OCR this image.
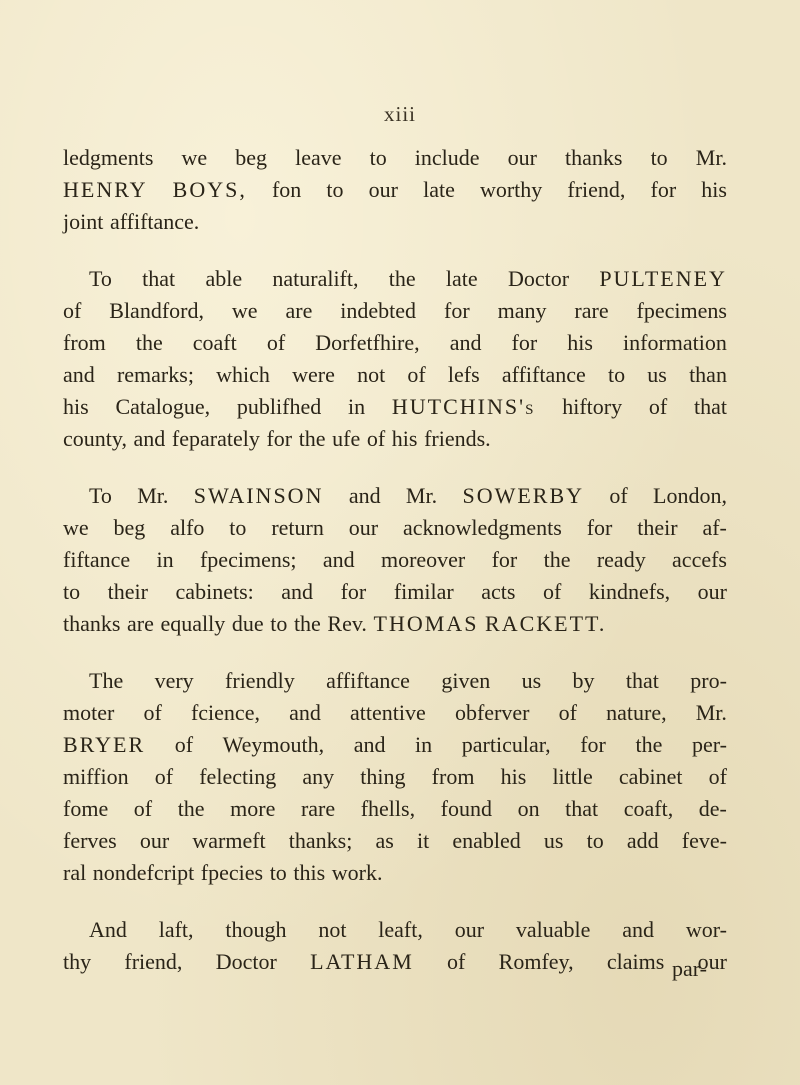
xiii
ledgments we beg leave to include our thanks to Mr.
HENRY BOYS, fon to our late worthy friend, for his
joint affiftance.
To that able naturalift, the late Doctor PULTENEY
of Blandford, we are indebted for many rare fpecimens
from the coaft of Dorfetfhire, and for his information
and remarks; which were not of lefs affiftance to us than
his Catalogue, publifhed in HUTCHINS's hiftory of that
county, and feparately for the ufe of his friends.
To Mr. SWAINSON and Mr. SOWERBY of London,
we beg alfo to return our acknowledgments for their af-
fiftance in fpecimens; and moreover for the ready accefs
to their cabinets: and for fimilar acts of kindnefs, our
thanks are equally due to the Rev. THOMAS RACKETT.
The very friendly affiftance given us by that pro-
moter of fcience, and attentive obferver of nature, Mr.
BRYER of Weymouth, and in particular, for the per-
miffion of felecting any thing from his little cabinet of
fome of the more rare fhells, found on that coaft, de-
ferves our warmeft thanks; as it enabled us to add feve-
ral nondefcript fpecies to this work.
And laft, though not leaft, our valuable and wor-
thy friend, Doctor LATHAM of Romfey, claims our
par-
